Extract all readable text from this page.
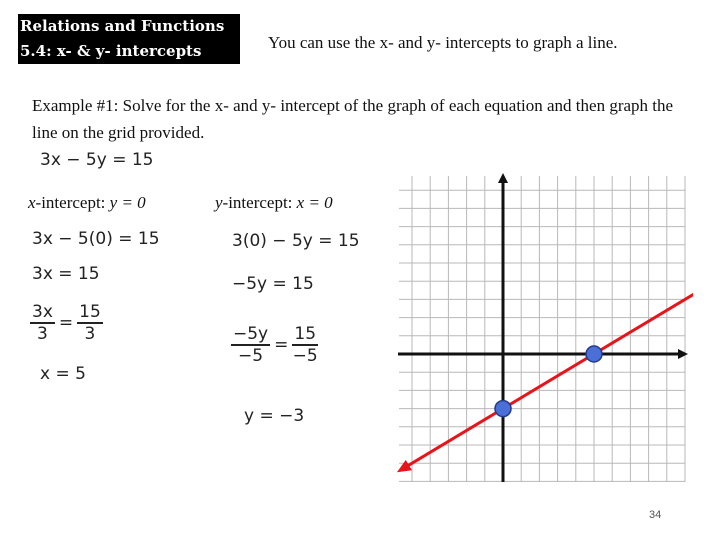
Relations and Functions
5.4: x- & y- intercepts	You can use the x- and y- intercepts to graph a line.
Example #1: Solve for the x- and y- intercept of the graph of each equation and then graph the line on the grid provided.
3x − 5y = 15
x-intercept: y = 0
3x − 5(0) = 15
3x = 15
$\frac{3x}{3} = \frac{15}{3}$
x = 5
y-intercept: x = 0
3(0) − 5y = 15
−5y = 15
$\frac{-5y}{-5} = \frac{15}{-5}$
y = −3
34
